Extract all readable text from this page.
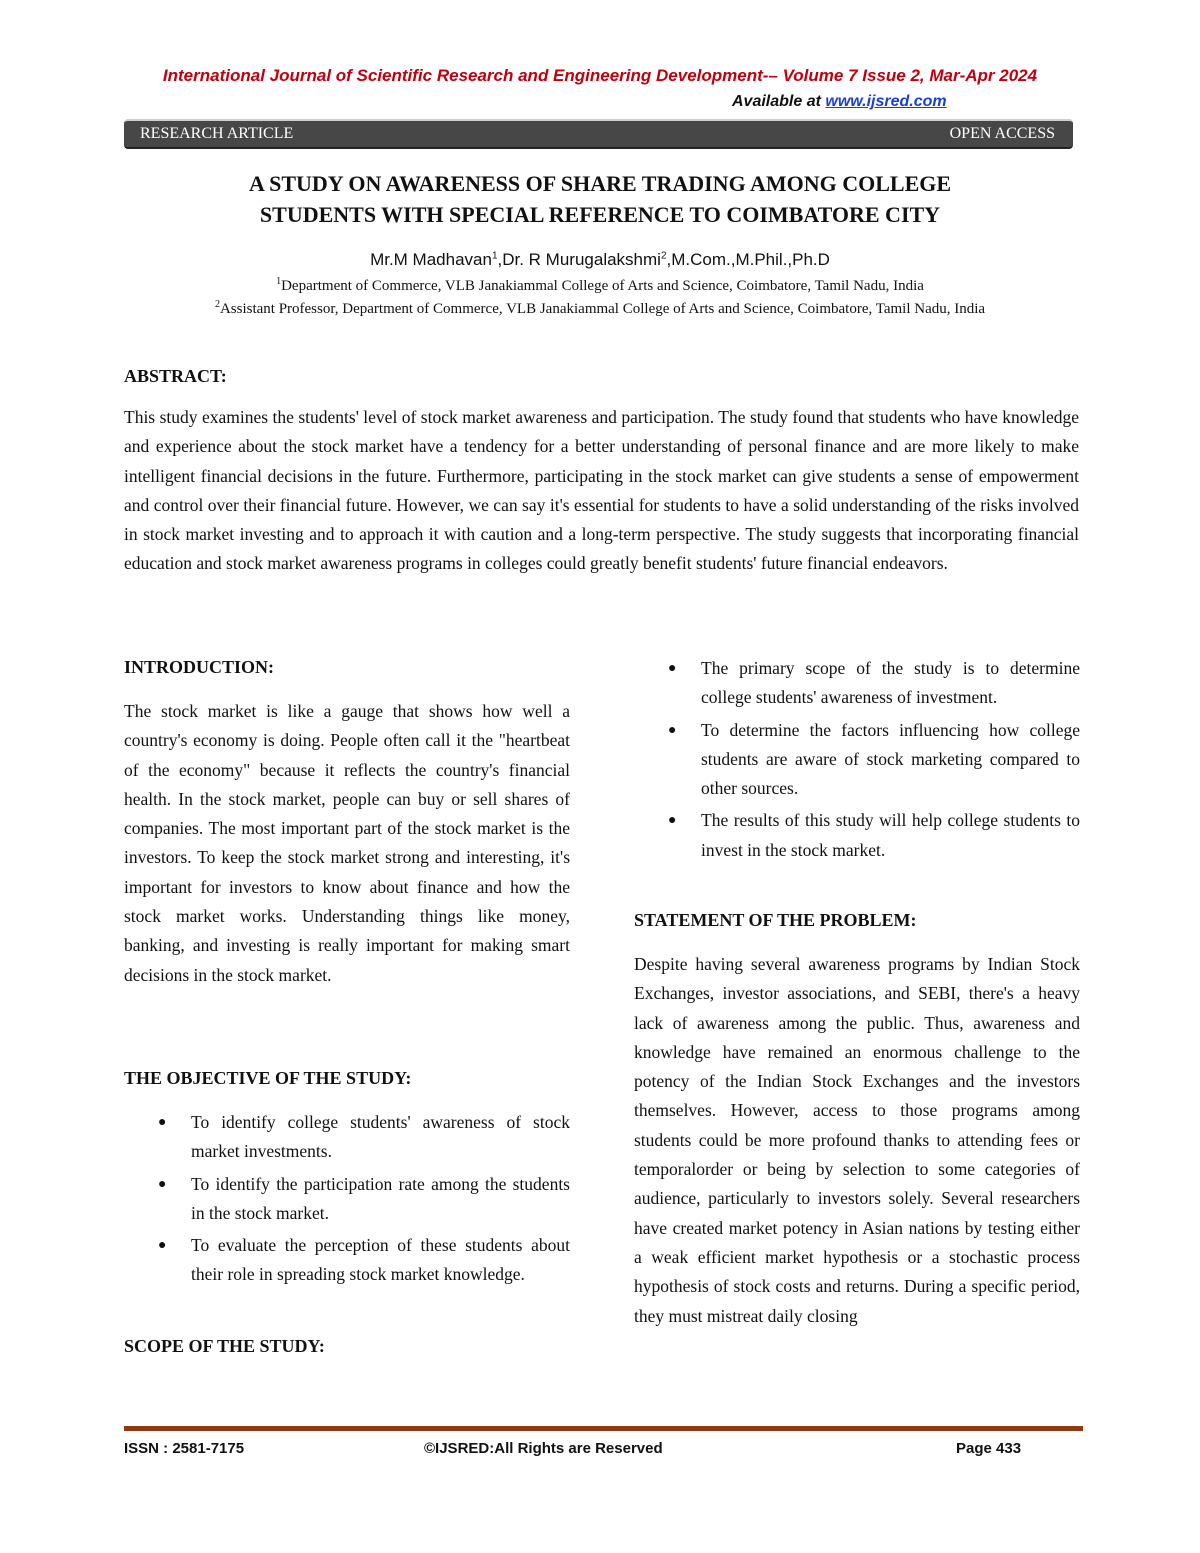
International Journal of Scientific Research and Engineering Development-– Volume 7 Issue 2, Mar-Apr 2024
Available at www.ijsred.com
RESEARCH ARTICLE	OPEN ACCESS
A STUDY ON AWARENESS OF SHARE TRADING AMONG COLLEGE
STUDENTS WITH SPECIAL REFERENCE TO COIMBATORE CITY
Mr.M Madhavan$^1$,Dr. R Murugalakshmi$^2$,M.Com.,M.Phil.,Ph.D
$^1$Department of Commerce, VLB Janakiammal College of Arts and Science, Coimbatore, Tamil Nadu, India
$^2$Assistant Professor, Department of Commerce, VLB Janakiammal College of Arts and Science, Coimbatore, Tamil Nadu, India
ABSTRACT:

This study examines the students' level of stock market awareness and participation. The study found that students who have knowledge and experience about the stock market have a tendency for a better understanding of personal finance and are more likely to make intelligent financial decisions in the future. Furthermore, participating in the stock market can give students a sense of empowerment and control over their financial future. However, we can say it's essential for students to have a solid understanding of the risks involved in stock market investing and to approach it with caution and a long-term perspective. The study suggests that incorporating financial education and stock market awareness programs in colleges could greatly benefit students' future financial endeavors.

INTRODUCTION:

The stock market is like a gauge that shows how well a country's economy is doing. People often call it the "heartbeat of the economy" because it reflects the country's financial health. In the stock market, people can buy or sell shares of companies. The most important part of the stock market is the investors. To keep the stock market strong and interesting, it's important for investors to know about finance and how the stock market works. Understanding things like money, banking, and investing is really important for making smart decisions in the stock market.

THE OBJECTIVE OF THE STUDY:
● To identify college students' awareness of stock market investments.
● To identify the participation rate among the students in the stock market.
● To evaluate the perception of these students about their role in spreading stock market knowledge.
SCOPE OF THE STUDY:
● The primary scope of the study is to determine college students' awareness of investment.
● To determine the factors influencing how college students are aware of stock marketing compared to other sources.
● The results of this study will help college students to invest in the stock market.
STATEMENT OF THE PROBLEM:

Despite having several awareness programs by Indian Stock Exchanges, investor associations, and SEBI, there's a heavy lack of awareness among the public. Thus, awareness and knowledge have remained an enormous challenge to the potency of the Indian Stock Exchanges and the investors themselves. However, access to those programs among students could be more profound thanks to attending fees or temporalorder or being by selection to some categories of audience, particularly to investors solely. Several researchers have created market potency in Asian nations by testing either a weak efficient market hypothesis or a stochastic process hypothesis of stock costs and returns. During a specific period, they must mistreat daily closing

ISSN : 2581-7175	©IJSRED:All Rights are Reserved	Page 433
